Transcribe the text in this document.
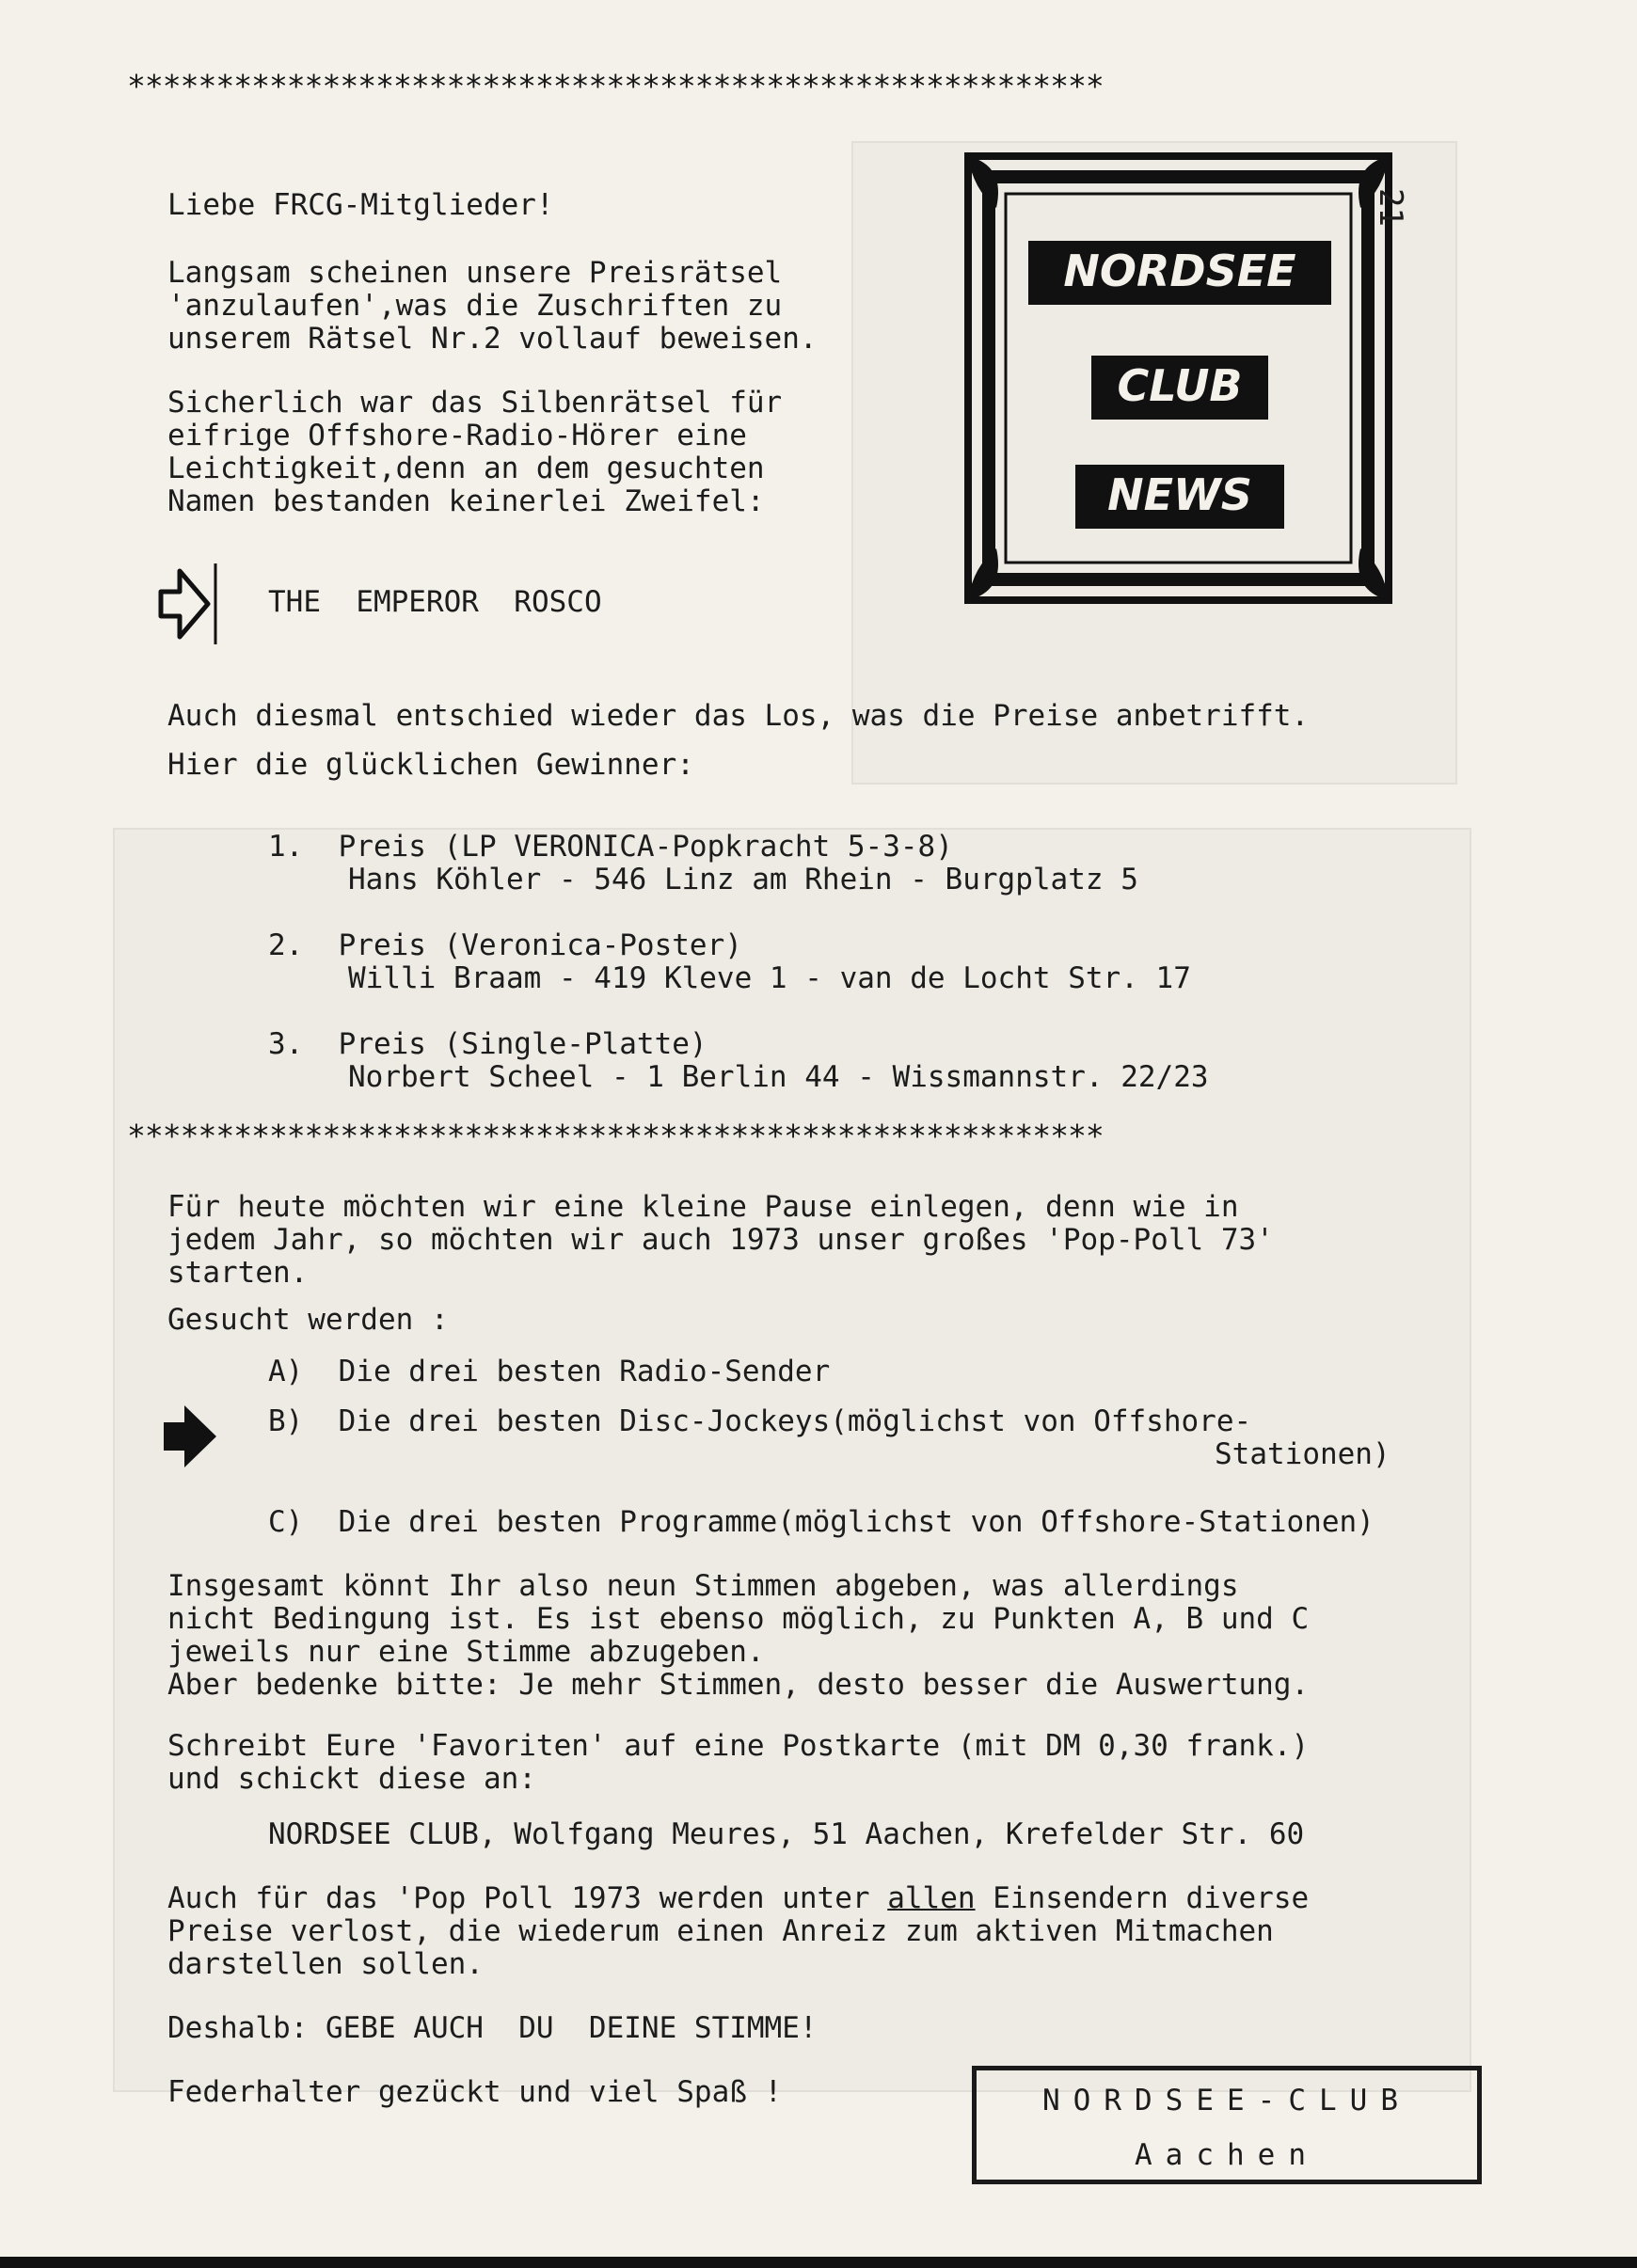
*******************************************************
NORDSEE
CLUB
NEWS
21
Liebe FRCG-Mitglieder!
Langsam scheinen unsere Preisrätsel
'anzulaufen',was die Zuschriften zu
unserem Rätsel Nr.2 vollauf beweisen.
Sicherlich war das Silbenrätsel für
eifrige Offshore-Radio-Hörer eine
Leichtigkeit,denn an dem gesuchten
Namen bestanden keinerlei Zweifel:
THE  EMPEROR  ROSCO
Auch diesmal entschied wieder das Los, was die Preise anbetrifft.
Hier die glücklichen Gewinner:
1.  Preis (LP VERONICA-Popkracht 5-3-8)
Hans Köhler - 546 Linz am Rhein - Burgplatz 5
2.  Preis (Veronica-Poster)
Willi Braam - 419 Kleve 1 - van de Locht Str. 17
3.  Preis (Single-Platte)
Norbert Scheel - 1 Berlin 44 - Wissmannstr. 22/23
*******************************************************
Für heute möchten wir eine kleine Pause einlegen, denn wie in
jedem Jahr, so möchten wir auch 1973 unser großes 'Pop-Poll 73'
starten.
Gesucht werden :
A)  Die drei besten Radio-Sender
B)  Die drei besten Disc-Jockeys(möglichst von Offshore-
Stationen)
C)  Die drei besten Programme(möglichst von Offshore-Stationen)
Insgesamt könnt Ihr also neun Stimmen abgeben, was allerdings
nicht Bedingung ist. Es ist ebenso möglich, zu Punkten A, B und C
jeweils nur eine Stimme abzugeben.
Aber bedenke bitte: Je mehr Stimmen, desto besser die Auswertung.
Schreibt Eure 'Favoriten' auf eine Postkarte (mit DM 0,30 frank.)
und schickt diese an:
NORDSEE CLUB, Wolfgang Meures, 51 Aachen, Krefelder Str. 60
Auch für das 'Pop Poll 1973 werden unter allen Einsendern diverse
Preise verlost, die wiederum einen Anreiz zum aktiven Mitmachen
darstellen sollen.
Deshalb: GEBE AUCH  DU  DEINE STIMME!
Federhalter gezückt und viel Spaß !	NORDSEE-CLUB
Aachen
